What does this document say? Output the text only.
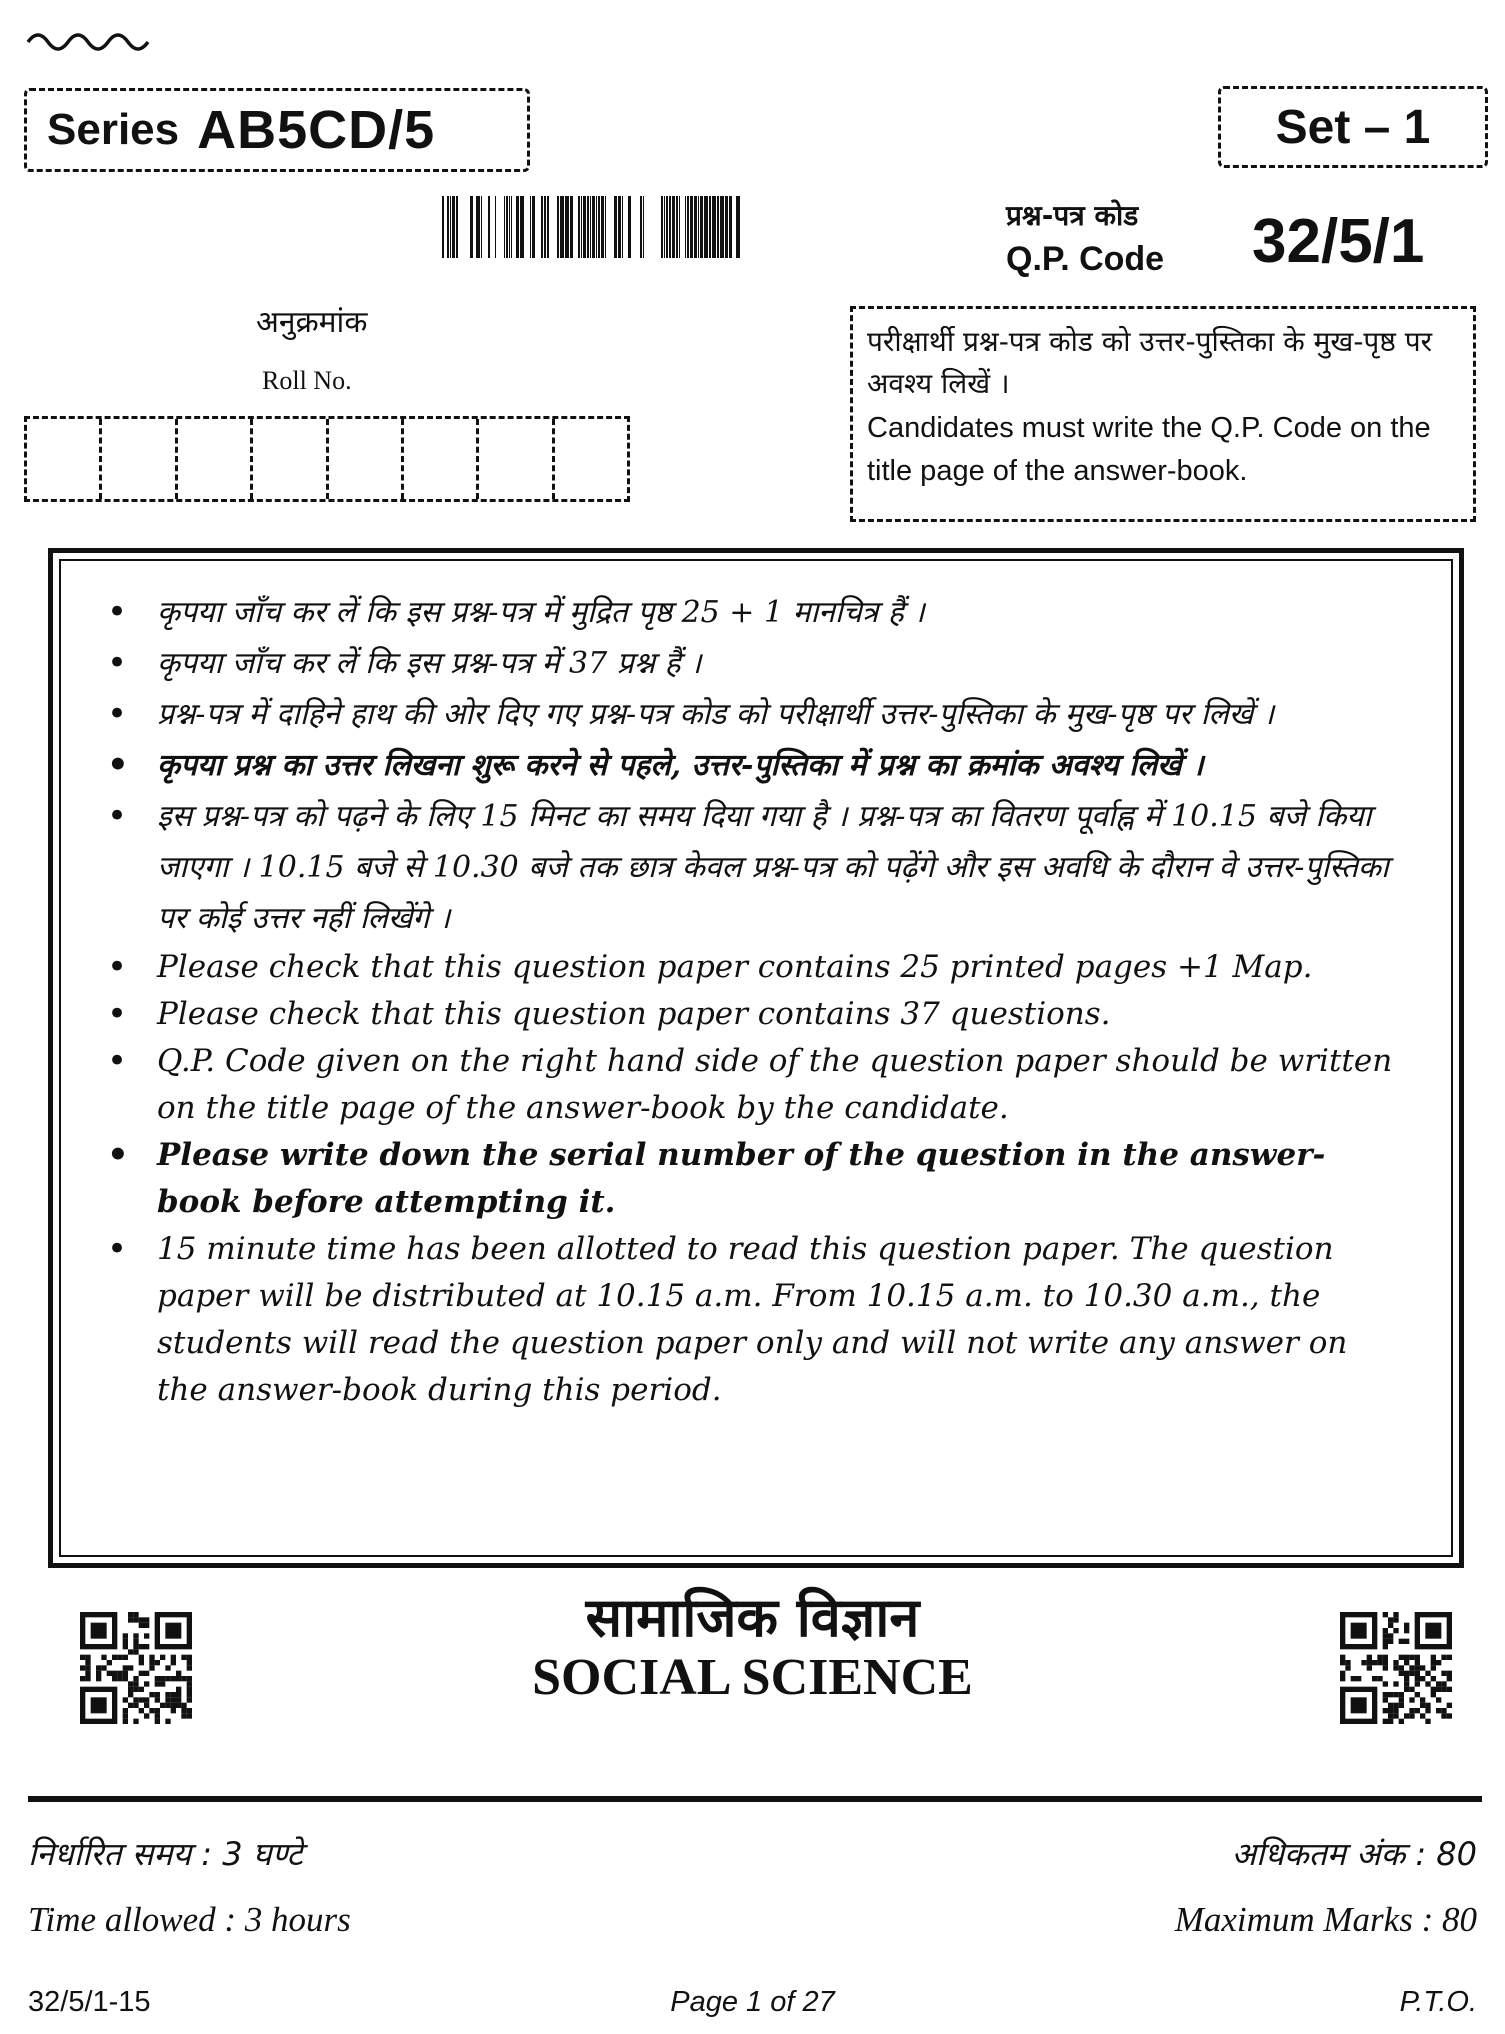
Series AB5CD/5	Set – 1
प्रश्न-पत्र कोड
Q.P. Code 32/5/1
अनुक्रमांक
Roll No.
परीक्षार्थी प्रश्न-पत्र कोड को उत्तर-पुस्तिका के मुख-पृष्ठ पर अवश्य लिखें ।
Candidates must write the Q.P. Code on the title page of the answer-book.
• कृपया जाँच कर लें कि इस प्रश्न-पत्र में मुद्रित पृष्ठ 25 + 1 मानचित्र हैं ।
• कृपया जाँच कर लें कि इस प्रश्न-पत्र में 37 प्रश्न हैं ।
• प्रश्न-पत्र में दाहिने हाथ की ओर दिए गए प्रश्न-पत्र कोड को परीक्षार्थी उत्तर-पुस्तिका के मुख-पृष्ठ पर लिखें ।
• कृपया प्रश्न का उत्तर लिखना शुरू करने से पहले, उत्तर-पुस्तिका में प्रश्न का क्रमांक अवश्य लिखें ।
• इस प्रश्न-पत्र को पढ़ने के लिए 15 मिनट का समय दिया गया है । प्रश्न-पत्र का वितरण पूर्वाह्न में 10.15 बजे किया जाएगा । 10.15 बजे से 10.30 बजे तक छात्र केवल प्रश्न-पत्र को पढ़ेंगे और इस अवधि के दौरान वे उत्तर-पुस्तिका पर कोई उत्तर नहीं लिखेंगे ।
• Please check that this question paper contains 25 printed pages +1 Map.
• Please check that this question paper contains 37 questions.
• Q.P. Code given on the right hand side of the question paper should be written on the title page of the answer-book by the candidate.
• Please write down the serial number of the question in the answer-book before attempting it.
• 15 minute time has been allotted to read this question paper. The question paper will be distributed at 10.15 a.m. From 10.15 a.m. to 10.30 a.m., the students will read the question paper only and will not write any answer on the answer-book during this period.
सामाजिक विज्ञान
SOCIAL SCIENCE
निर्धारित समय : 3 घण्टे	अधिकतम अंक : 80
Time allowed : 3 hours	Maximum Marks : 80
32/5/1-15	Page 1 of 27	P.T.O.
